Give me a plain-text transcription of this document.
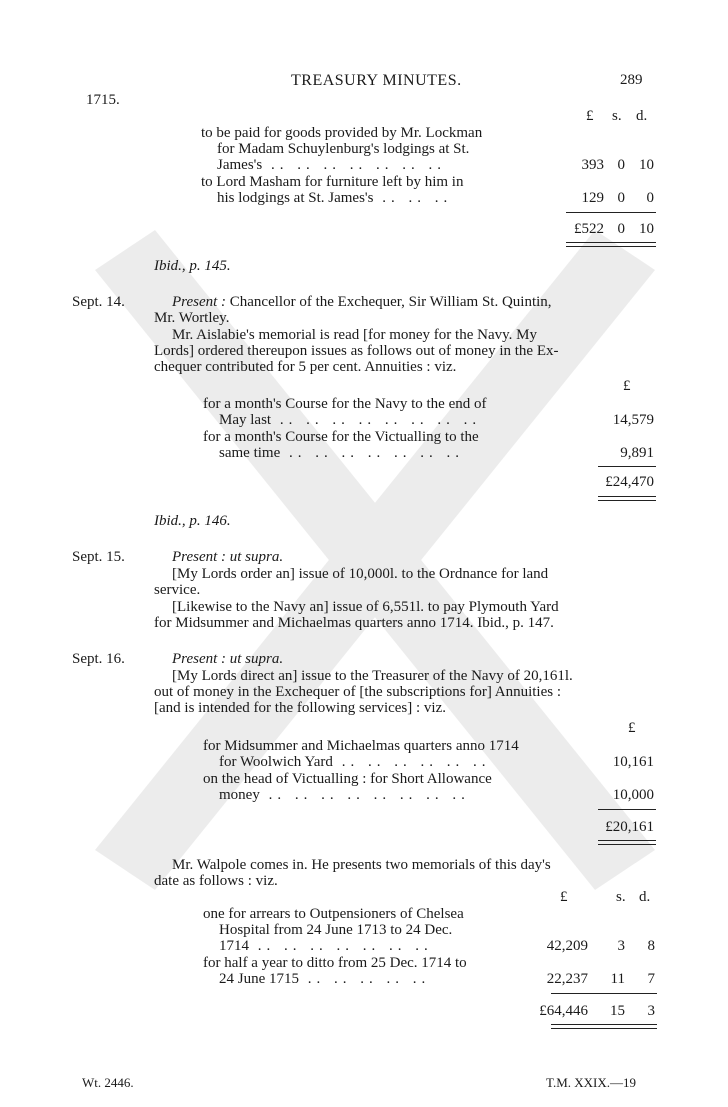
1715.
TREASURY MINUTES.	289
£ s. d.
to be paid for goods provided by Mr. Lockman
for Madam Schuylenburg's lodgings at St.
James's .. .. .. .. .. .. ..	393 0 10
to Lord Masham for furniture left by him in
his lodgings at St. James's .. .. ..	129 0 0
£522 0 10
Ibid., p. 145.
Sept. 14.	Present : Chancellor of the Exchequer, Sir William St. Quintin,
Mr. Wortley.
Mr. Aislabie's memorial is read [for money for the Navy. My
Lords] ordered thereupon issues as follows out of money in the Ex-
chequer contributed for 5 per cent. Annuities : viz.
£
for a month's Course for the Navy to the end of
May last .. .. .. .. .. .. .. ..	14,579
for a month's Course for the Victualling to the
same time .. .. .. .. .. .. ..	9,891
£24,470
Ibid., p. 146.
Sept. 15.	Present : ut supra.
[My Lords order an] issue of 10,000l. to the Ordnance for land
service.
[Likewise to the Navy an] issue of 6,551l. to pay Plymouth Yard
for Midsummer and Michaelmas quarters anno 1714. Ibid., p. 147.
Sept. 16.	Present : ut supra.
[My Lords direct an] issue to the Treasurer of the Navy of 20,161l.
out of money in the Exchequer of [the subscriptions for] Annuities :
[and is intended for the following services] : viz.
£
for Midsummer and Michaelmas quarters anno 1714
for Woolwich Yard .. .. .. .. .. ..	10,161
on the head of Victualling : for Short Allowance
money .. .. .. .. .. .. .. ..	10,000
£20,161
Mr. Walpole comes in. He presents two memorials of this day's
date as follows : viz.
£	s. d.
one for arrears to Outpensioners of Chelsea
Hospital from 24 June 1713 to 24 Dec.
1714 .. .. .. .. .. .. ..	42,209 3 8
for half a year to ditto from 25 Dec. 1714 to
24 June 1715 .. .. .. .. ..	22,237 11 7
£64,446 15 3
Wt. 2446.	T.M. XXIX.—19
